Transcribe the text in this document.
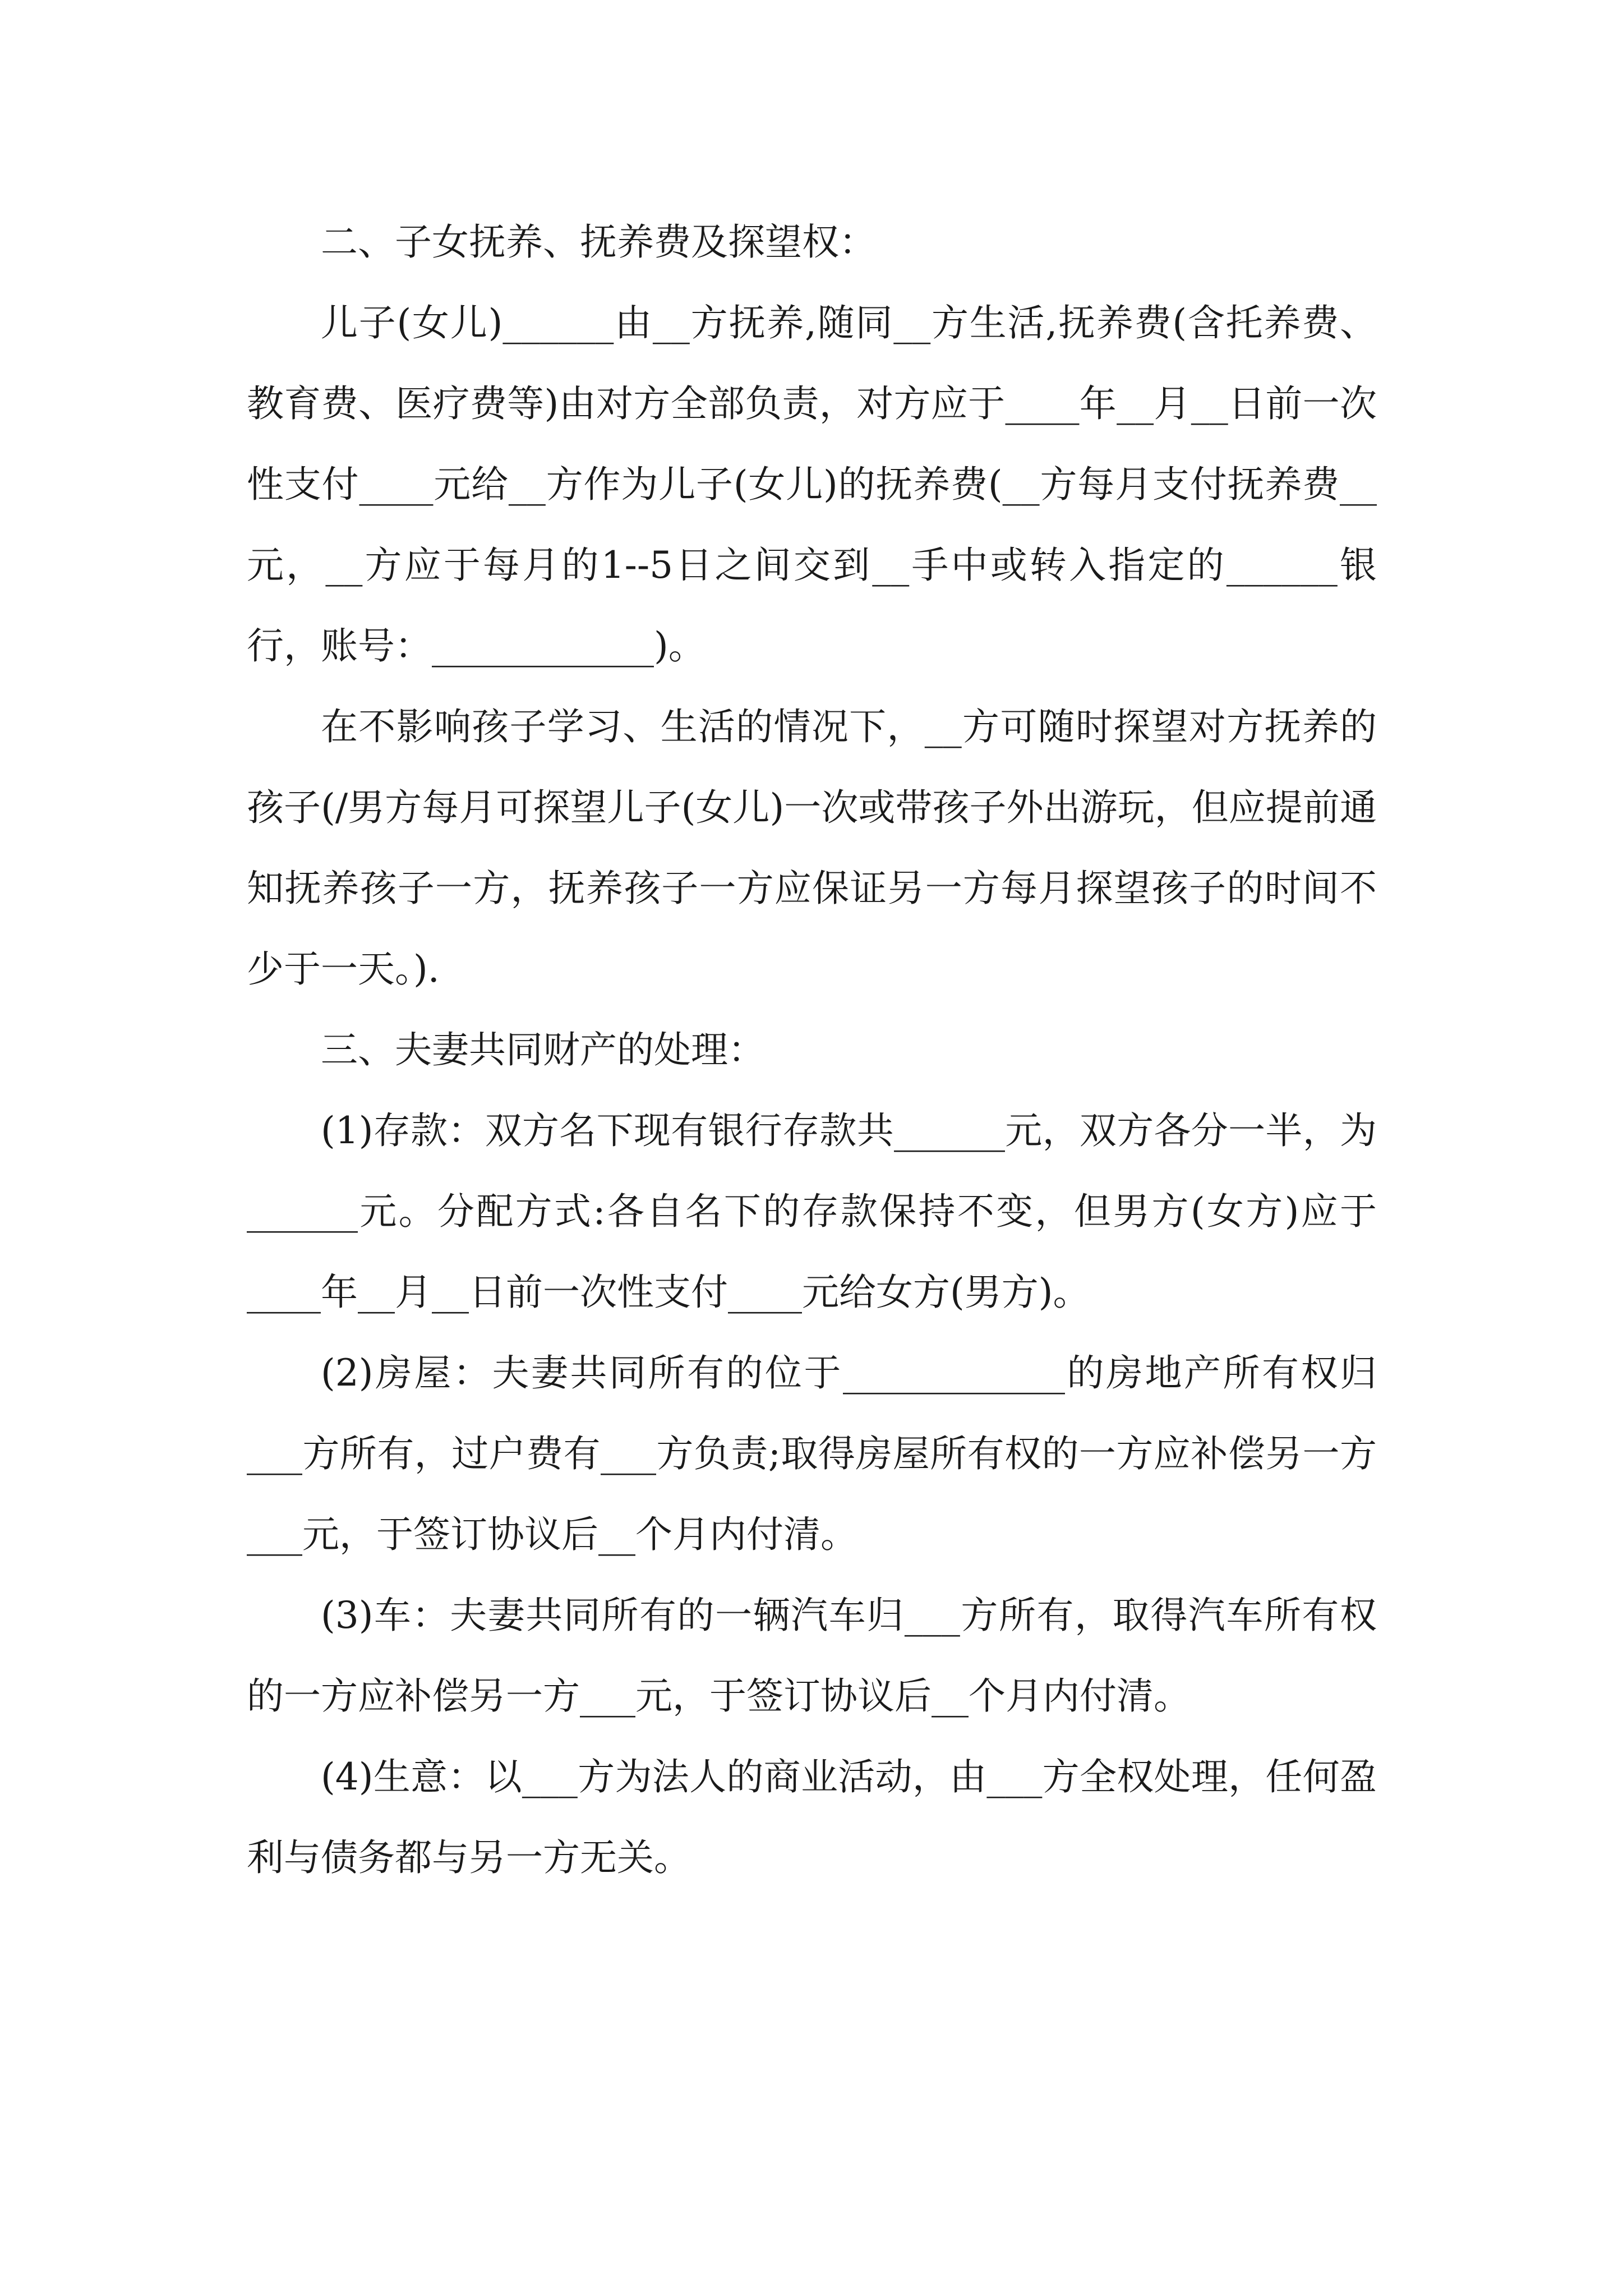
二、子女抚养、抚养费及探望权：

儿子(女儿)______由__方抚养,随同__方生活,抚养费(含托养费、教育费、医疗费等)由对方全部负责，对方应于____年__月__日前一次性支付____元给__方作为儿子(女儿)的抚养费(__方每月支付抚养费__元，__方应于每月的1--5日之间交到__手中或转入指定的______银行，账号：____________)。

在不影响孩子学习、生活的情况下，__方可随时探望对方抚养的孩子(/男方每月可探望儿子(女儿)一次或带孩子外出游玩，但应提前通知抚养孩子一方，抚养孩子一方应保证另一方每月探望孩子的时间不少于一天。).

三、夫妻共同财产的处理：

(1)存款：双方名下现有银行存款共______元，双方各分一半，为______元。分配方式:各自名下的存款保持不变，但男方(女方)应于____年__月__日前一次性支付____元给女方(男方)。

(2)房屋：夫妻共同所有的位于____________的房地产所有权归___方所有，过户费有___方负责;取得房屋所有权的一方应补偿另一方___元，于签订协议后__个月内付清。

(3)车：夫妻共同所有的一辆汽车归___方所有，取得汽车所有权的一方应补偿另一方___元，于签订协议后__个月内付清。

(4)生意：以___方为法人的商业活动，由___方全权处理，任何盈利与债务都与另一方无关。
